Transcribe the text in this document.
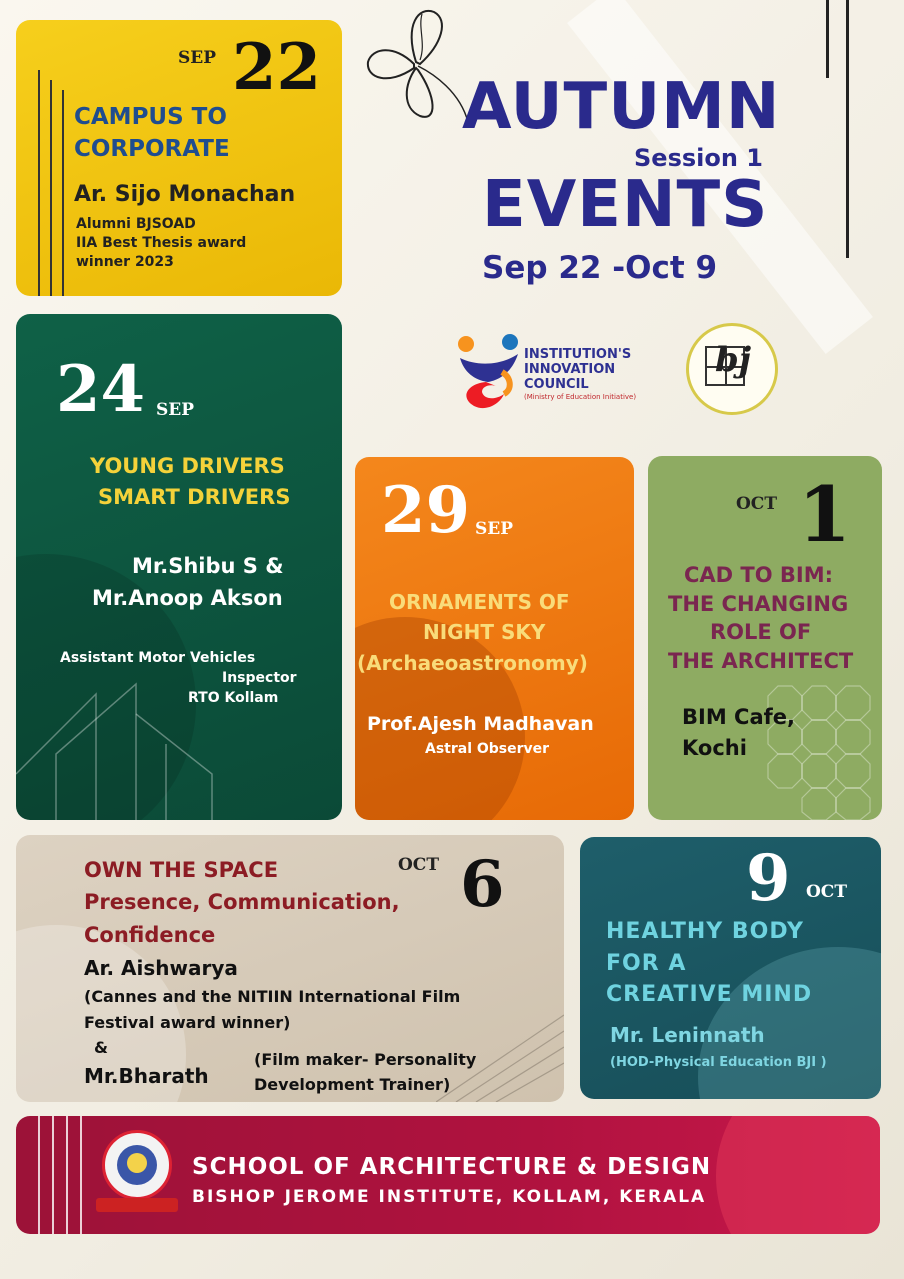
AUTUMN
Session 1
EVENTS
Sep 22 -Oct 9
INSTITUTION'S
INNOVATION
COUNCIL
(Ministry of Education Initiative)
bj
SEP 22
CAMPUS TO
CORPORATE
Ar. Sijo Monachan
Alumni BJSOAD
IIA Best Thesis award
winner 2023
24 SEP
YOUNG DRIVERS
SMART DRIVERS
Mr.Shibu S &
Mr.Anoop Akson
Assistant Motor Vehicles
Inspector
RTO Kollam
29 SEP
ORNAMENTS OF
NIGHT SKY
(Archaeoastronomy)
Prof.Ajesh Madhavan
Astral Observer
OCT 1
CAD TO BIM:
THE CHANGING
ROLE OF
THE ARCHITECT
BIM Cafe,
Kochi
OWN THE SPACE
Presence, Communication,
Confidence
OCT 6
Ar. Aishwarya
(Cannes and the NITIIN International Film
Festival award winner)
&
Mr.Bharath
(Film maker- Personality
Development Trainer)
9 OCT
HEALTHY BODY
FOR A
CREATIVE MIND
Mr. Leninnath
(HOD-Physical Education BJI )
SCHOOL OF ARCHITECTURE & DESIGN
BISHOP JEROME INSTITUTE, KOLLAM, KERALA
